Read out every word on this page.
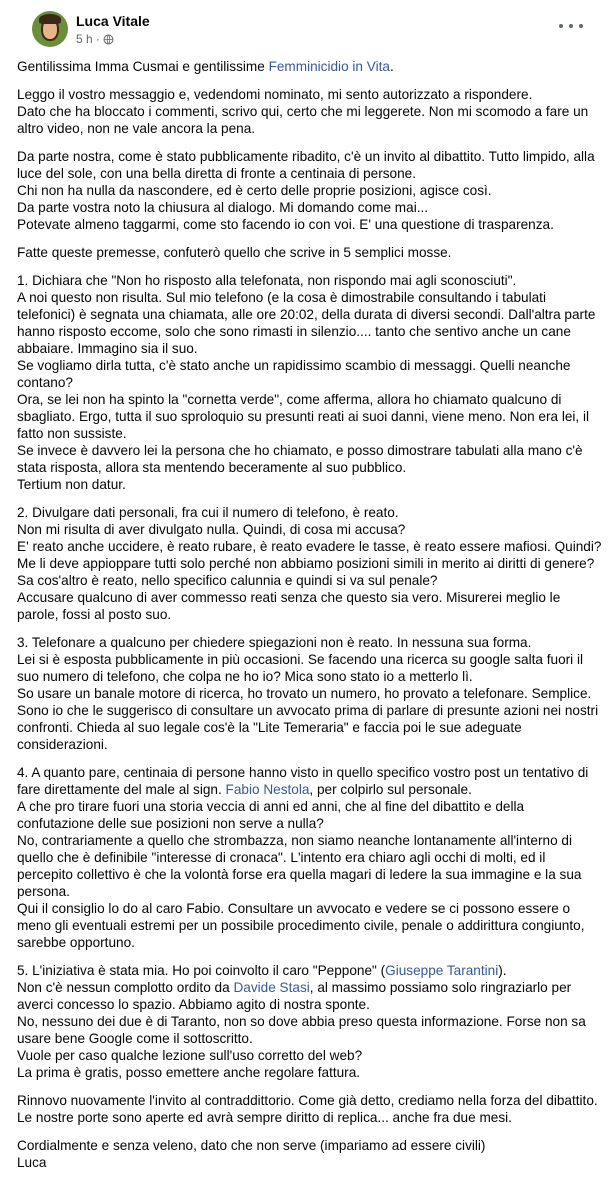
Luca Vitale
5 h ·

Gentilissima Imma Cusmai e gentilissime Femminicidio in Vita.

Leggo il vostro messaggio e, vedendomi nominato, mi sento autorizzato a rispondere.
Dato che ha bloccato i commenti, scrivo qui, certo che mi leggerete. Non mi scomodo a fare un altro video, non ne vale ancora la pena.

Da parte nostra, come è stato pubblicamente ribadito, c'è un invito al dibattito. Tutto limpido, alla luce del sole, con una bella diretta di fronte a centinaia di persone.
Chi non ha nulla da nascondere, ed è certo delle proprie posizioni, agisce così.
Da parte vostra noto la chiusura al dialogo. Mi domando come mai...
Potevate almeno taggarmi, come sto facendo io con voi. E' una questione di trasparenza.

Fatte queste premesse, confuterò quello che scrive in 5 semplici mosse.

1. Dichiara che "Non ho risposto alla telefonata, non rispondo mai agli sconosciuti".
A noi questo non risulta. Sul mio telefono (e la cosa è dimostrabile consultando i tabulati telefonici) è segnata una chiamata, alle ore 20:02, della durata di diversi secondi. Dall'altra parte hanno risposto eccome, solo che sono rimasti in silenzio.... tanto che sentivo anche un cane abbaiare. Immagino sia il suo.
Se vogliamo dirla tutta, c'è stato anche un rapidissimo scambio di messaggi. Quelli neanche contano?
Ora, se lei non ha spinto la "cornetta verde", come afferma, allora ho chiamato qualcuno di sbagliato. Ergo, tutta il suo sproloquio su presunti reati ai suoi danni, viene meno. Non era lei, il fatto non sussiste.
Se invece è davvero lei la persona che ho chiamato, e posso dimostrare tabulati alla mano c'è stata risposta, allora sta mentendo beceramente al suo pubblico.
Tertium non datur.

2. Divulgare dati personali, fra cui il numero di telefono, è reato.
Non mi risulta di aver divulgato nulla. Quindi, di cosa mi accusa?
E' reato anche uccidere, è reato rubare, è reato evadere le tasse, è reato essere mafiosi. Quindi?
Me li deve appioppare tutti solo perché non abbiamo posizioni simili in merito ai diritti di genere?
Sa cos'altro è reato, nello specifico calunnia e quindi si va sul penale?
Accusare qualcuno di aver commesso reati senza che questo sia vero. Misurerei meglio le parole, fossi al posto suo.

3. Telefonare a qualcuno per chiedere spiegazioni non è reato. In nessuna sua forma.
Lei si è esposta pubblicamente in più occasioni. Se facendo una ricerca su google salta fuori il suo numero di telefono, che colpa ne ho io? Mica sono stato io a metterlo lì.
So usare un banale motore di ricerca, ho trovato un numero, ho provato a telefonare. Semplice.
Sono io che le suggerisco di consultare un avvocato prima di parlare di presunte azioni nei nostri confronti. Chieda al suo legale cos'è la "Lite Temeraria" e faccia poi le sue adeguate considerazioni.

4. A quanto pare, centinaia di persone hanno visto in quello specifico vostro post un tentativo di fare direttamente del male al sign. Fabio Nestola, per colpirlo sul personale.
A che pro tirare fuori una storia veccia di anni ed anni, che al fine del dibattito e della confutazione delle sue posizioni non serve a nulla?
No, contrariamente a quello che strombazza, non siamo neanche lontanamente all'interno di quello che è definibile "interesse di cronaca". L'intento era chiaro agli occhi di molti, ed il percepito collettivo è che la volontà forse era quella magari di ledere la sua immagine e la sua persona.
Qui il consiglio lo do al caro Fabio. Consultare un avvocato e vedere se ci possono essere o meno gli eventuali estremi per un possibile procedimento civile, penale o addirittura congiunto, sarebbe opportuno.

5. L'iniziativa è stata mia. Ho poi coinvolto il caro "Peppone" (Giuseppe Tarantini).
Non c'è nessun complotto ordito da Davide Stasi, al massimo possiamo solo ringraziarlo per averci concesso lo spazio. Abbiamo agito di nostra sponte.
No, nessuno dei due è di Taranto, non so dove abbia preso questa informazione. Forse non sa usare bene Google come il sottoscritto.
Vuole per caso qualche lezione sull'uso corretto del web?
La prima è gratis, posso emettere anche regolare fattura.

Rinnovo nuovamente l'invito al contraddittorio. Come già detto, crediamo nella forza del dibattito. Le nostre porte sono aperte ed avrà sempre diritto di replica... anche fra due mesi.

Cordialmente e senza veleno, dato che non serve (impariamo ad essere civili)
Luca
